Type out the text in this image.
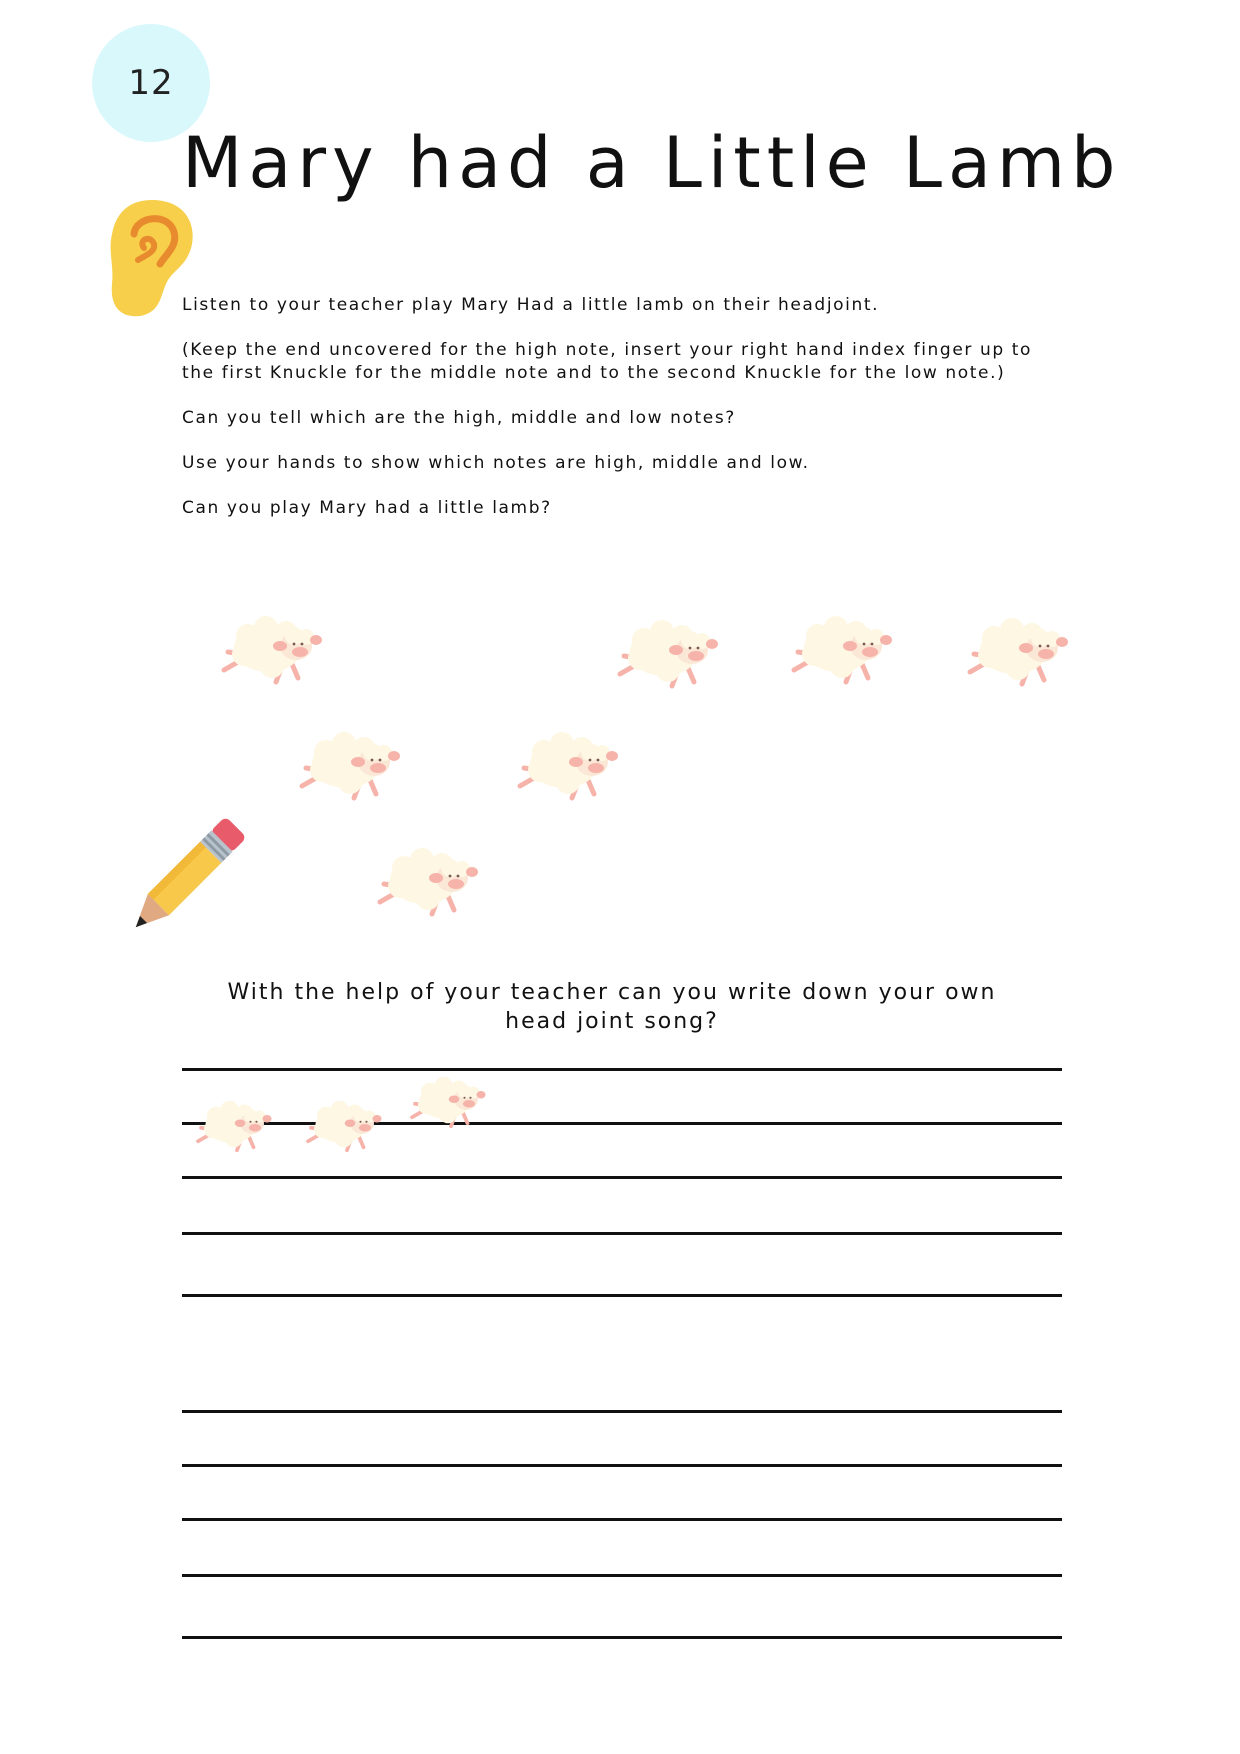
12
Mary had a Little Lamb

Listen to your teacher play Mary Had a little lamb on their headjoint.

(Keep the end uncovered for the high note, insert your right hand index finger up to the first Knuckle for the middle note and to the second Knuckle for the low note.)

Can you tell which are the high, middle and low notes?

Use your hands to show which notes are high, middle and low.

Can you play Mary had a little lamb?

With the help of your teacher can you write down your own
head joint song?
